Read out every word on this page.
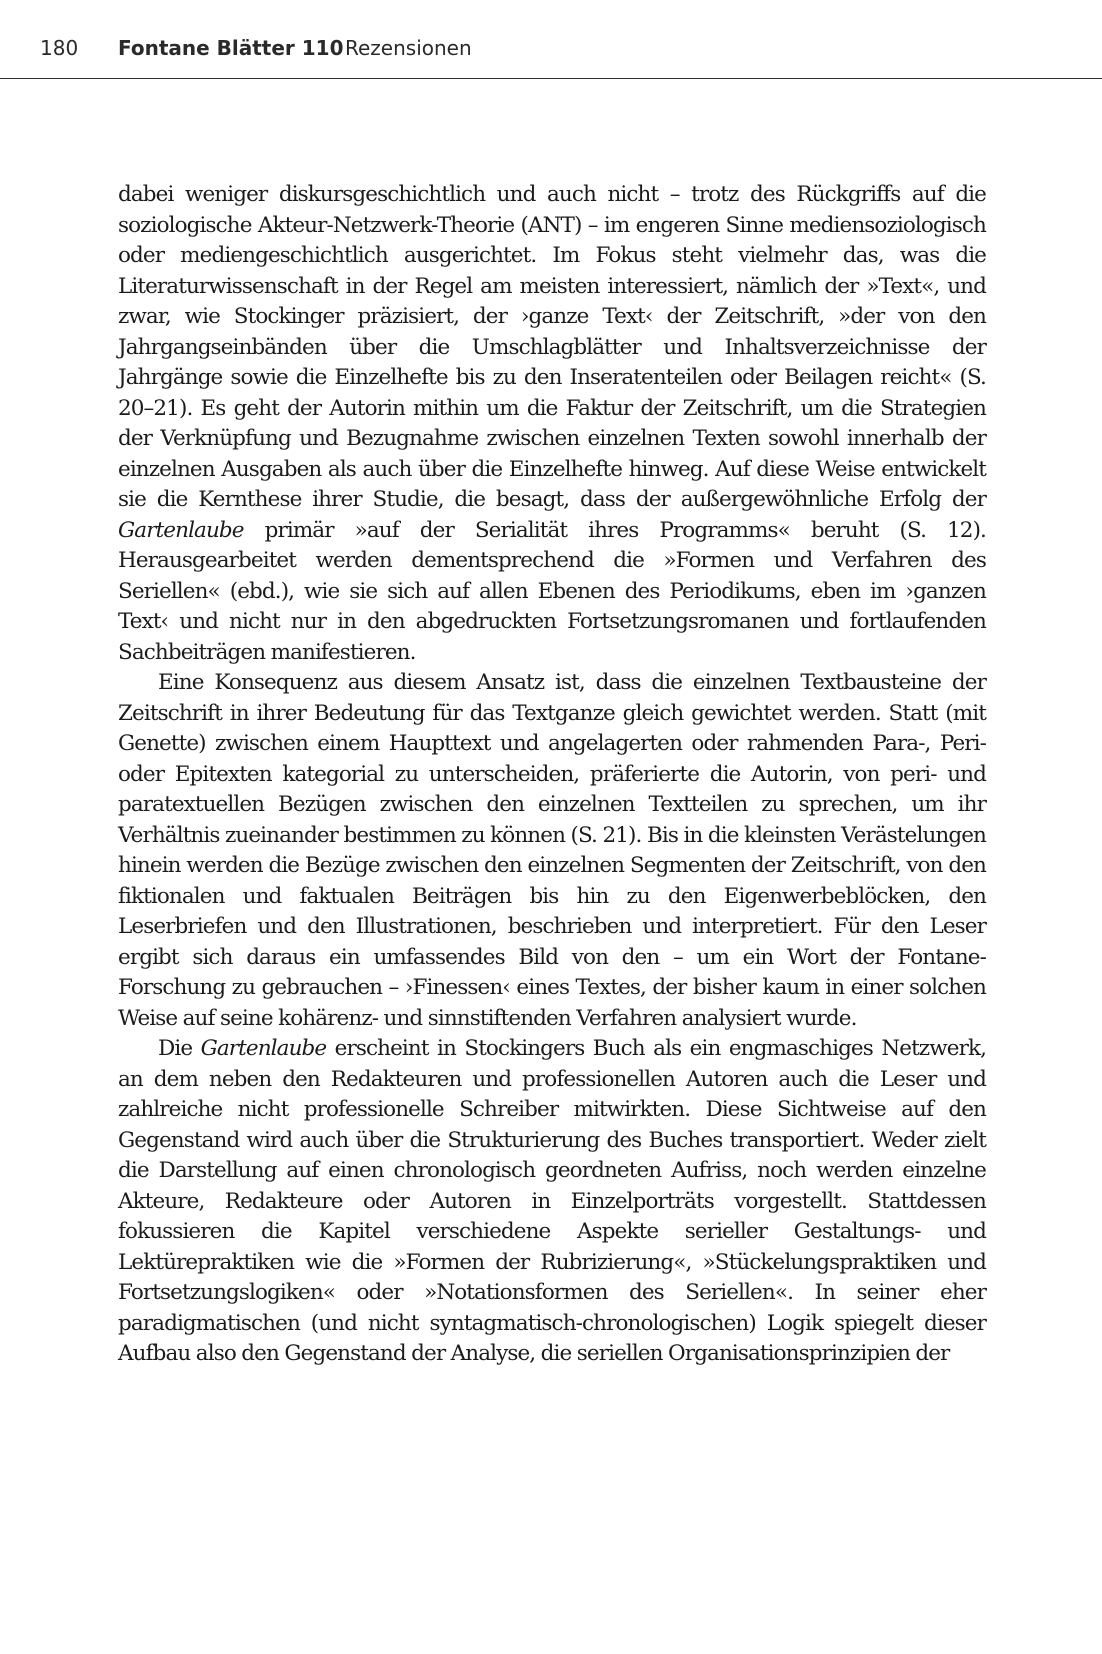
180 Fontane Blätter 110 Rezensionen

dabei weniger diskursgeschichtlich und auch nicht – trotz des Rückgriffs auf die soziologische Akteur-Netzwerk-Theorie (ANT) – im engeren Sinne mediensoziologisch oder mediengeschichtlich ausgerichtet. Im Fokus steht vielmehr das, was die Literaturwissenschaft in der Regel am meisten interessiert, nämlich der »Text«, und zwar, wie Stockinger präzisiert, der ›ganze Text‹ der Zeitschrift, »der von den Jahrgangseinbänden über die Umschlagblätter und Inhaltsverzeichnisse der Jahrgänge sowie die Einzelhefte bis zu den Inseratenteilen oder Beilagen reicht« (S. 20–21). Es geht der Autorin mithin um die Faktur der Zeitschrift, um die Strategien der Verknüpfung und Bezugnahme zwischen einzelnen Texten sowohl innerhalb der einzelnen Ausgaben als auch über die Einzelhefte hinweg. Auf diese Weise entwickelt sie die Kernthese ihrer Studie, die besagt, dass der außergewöhnliche Erfolg der Gartenlaube primär »auf der Serialität ihres Programms« beruht (S. 12). Herausgearbeitet werden dementsprechend die »Formen und Verfahren des Seriellen« (ebd.), wie sie sich auf allen Ebenen des Periodikums, eben im ›ganzen Text‹ und nicht nur in den abgedruckten Fortsetzungsromanen und fortlaufenden Sachbeiträgen manifestieren.

Eine Konsequenz aus diesem Ansatz ist, dass die einzelnen Textbausteine der Zeitschrift in ihrer Bedeutung für das Textganze gleich gewichtet werden. Statt (mit Genette) zwischen einem Haupttext und angelagerten oder rahmenden Para-, Peri- oder Epitexten kategorial zu unterscheiden, präferierte die Autorin, von peri- und paratextuellen Bezügen zwischen den einzelnen Textteilen zu sprechen, um ihr Verhältnis zueinander bestimmen zu können (S. 21). Bis in die kleinsten Verästelungen hinein werden die Bezüge zwischen den einzelnen Segmenten der Zeitschrift, von den fiktionalen und faktualen Beiträgen bis hin zu den Eigenwerbeblöcken, den Leserbriefen und den Illustrationen, beschrieben und interpretiert. Für den Leser ergibt sich daraus ein umfassendes Bild von den – um ein Wort der Fontane-Forschung zu gebrauchen – ›Finessen‹ eines Textes, der bisher kaum in einer solchen Weise auf seine kohärenz- und sinnstiftenden Verfahren analysiert wurde.

Die Gartenlaube erscheint in Stockingers Buch als ein engmaschiges Netzwerk, an dem neben den Redakteuren und professionellen Autoren auch die Leser und zahlreiche nicht professionelle Schreiber mitwirkten. Diese Sichtweise auf den Gegenstand wird auch über die Strukturierung des Buches transportiert. Weder zielt die Darstellung auf einen chronologisch geordneten Aufriss, noch werden einzelne Akteure, Redakteure oder Autoren in Einzelporträts vorgestellt. Stattdessen fokussieren die Kapitel verschiedene Aspekte serieller Gestaltungs- und Lektürepraktiken wie die »Formen der Rubrizierung«, »Stückelungspraktiken und Fortsetzungslogiken« oder »Notationsformen des Seriellen«. In seiner eher paradigmatischen (und nicht syntagmatisch-chronologischen) Logik spiegelt dieser Aufbau also den Gegenstand der Analyse, die seriellen Organisationsprinzipien der
